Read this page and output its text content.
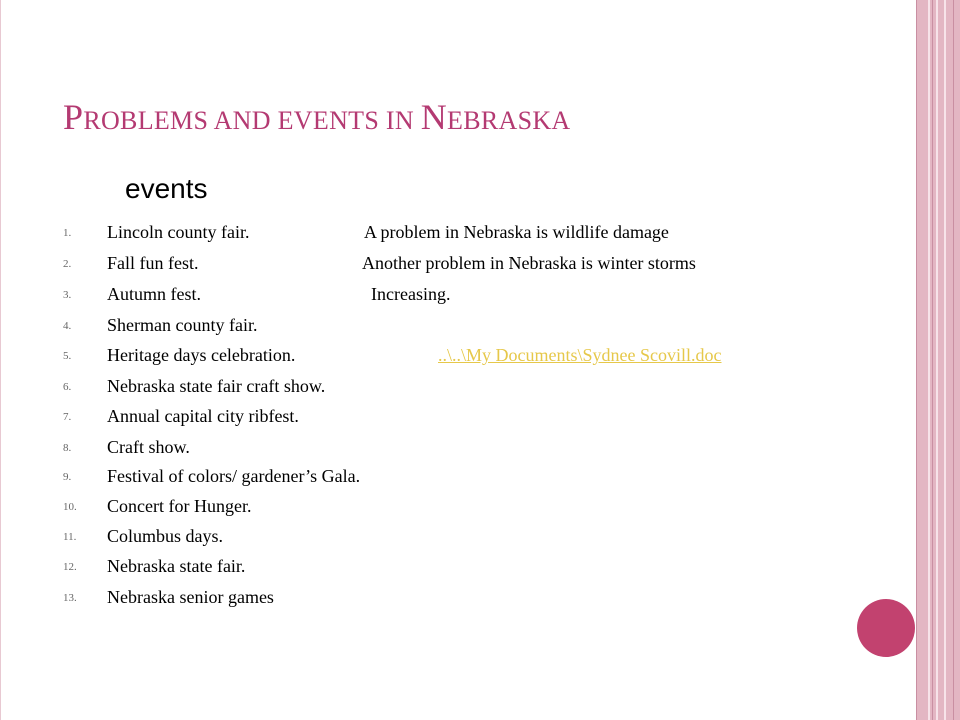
PROBLEMS AND EVENTS IN NEBRASKA
events
1. Lincoln county fair.
2. Fall fun fest.
3. Autumn fest.
4. Sherman county fair.
5. Heritage days celebration.
6. Nebraska state fair craft show.
7. Annual capital city ribfest.
8. Craft show.
9. Festival of colors/ gardener’s Gala.
10. Concert for Hunger.
11. Columbus days.
12. Nebraska state fair.
13. Nebraska senior games
A problem in Nebraska is wildlife damage
Another problem in Nebraska is winter storms
Increasing.
..\..\My Documents\Sydnee Scovill.doc
